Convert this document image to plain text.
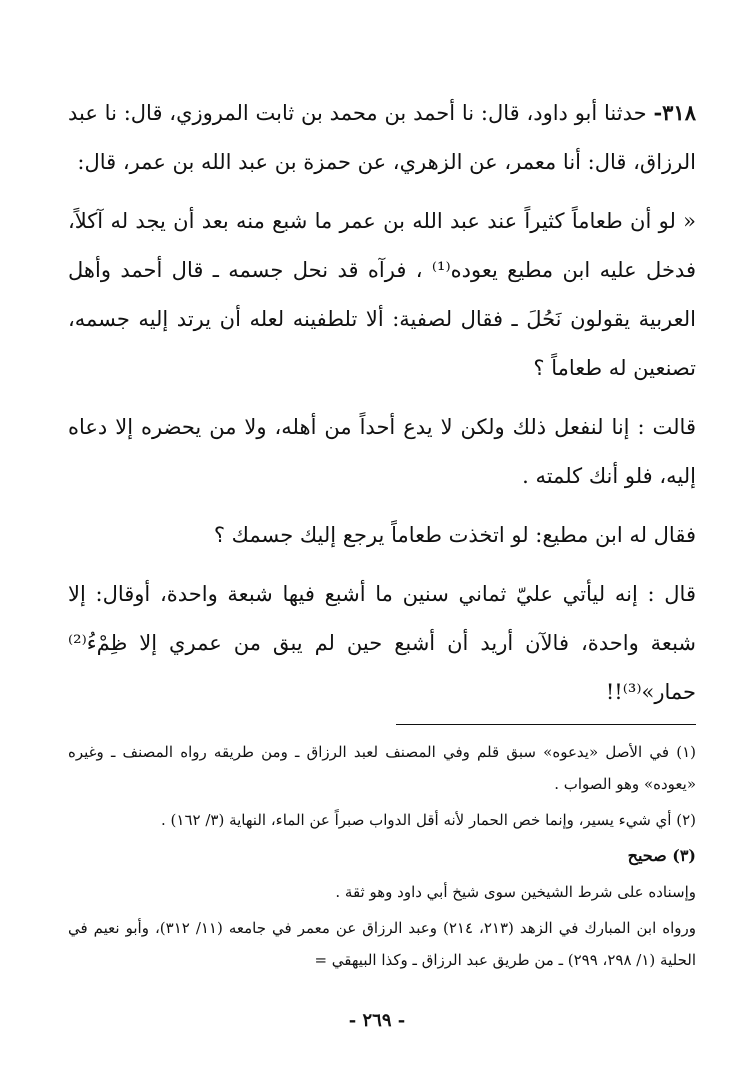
٣١٨- حدثنا أبو داود، قال: نا أحمد بن محمد بن ثابت المروزي، قال: نا عبد الرزاق، قال: أنا معمر، عن الزهري، عن حمزة بن عبد الله بن عمر، قال:

« لو أن طعاماً كثيراً عند عبد الله بن عمر ما شبع منه بعد أن يجد له آكلاً، فدخل عليه ابن مطيع يعوده⁽¹⁾ ، فرآه قد نحل جسمه ـ قال أحمد وأهل العربية يقولون نَحُلَ ـ فقال لصفية: ألا تلطفينه لعله أن يرتد إليه جسمه، تصنعين له طعاماً ؟

قالت : إنا لنفعل ذلك ولكن لا يدع أحداً من أهله، ولا من يحضره إلا دعاه إليه، فلو أنك كلمته .

فقال له ابن مطيع: لو اتخذت طعاماً يرجع إليك جسمك ؟

قال : إنه ليأتي عليّ ثماني سنين ما أشبع فيها شبعة واحدة، أوقال: إلا شبعة واحدة، فالآن أريد أن أشبع حين لم يبق من عمري إلا ظِمْءُ⁽²⁾ حمار»⁽³⁾!!

(١) في الأصل «يدعوه» سبق قلم وفي المصنف لعبد الرزاق ـ ومن طريقه رواه المصنف ـ وغيره «يعوده» وهو الصواب .

(٢) أي شيء يسير، وإنما خص الحمار لأنه أقل الدواب صبراً عن الماء، النهاية (٣/ ١٦٢) .

(٣) صحيح

وإسناده على شرط الشيخين سوى شيخ أبي داود وهو ثقة .

ورواه ابن المبارك في الزهد (٢١٣، ٢١٤) وعبد الرزاق عن معمر في جامعه (١١/ ٣١٢)، وأبو نعيم في الحلية (١/ ٢٩٨، ٢٩٩) ـ من طريق عبد الرزاق ـ وكذا البيهقي =

- ٢٦٩ -
